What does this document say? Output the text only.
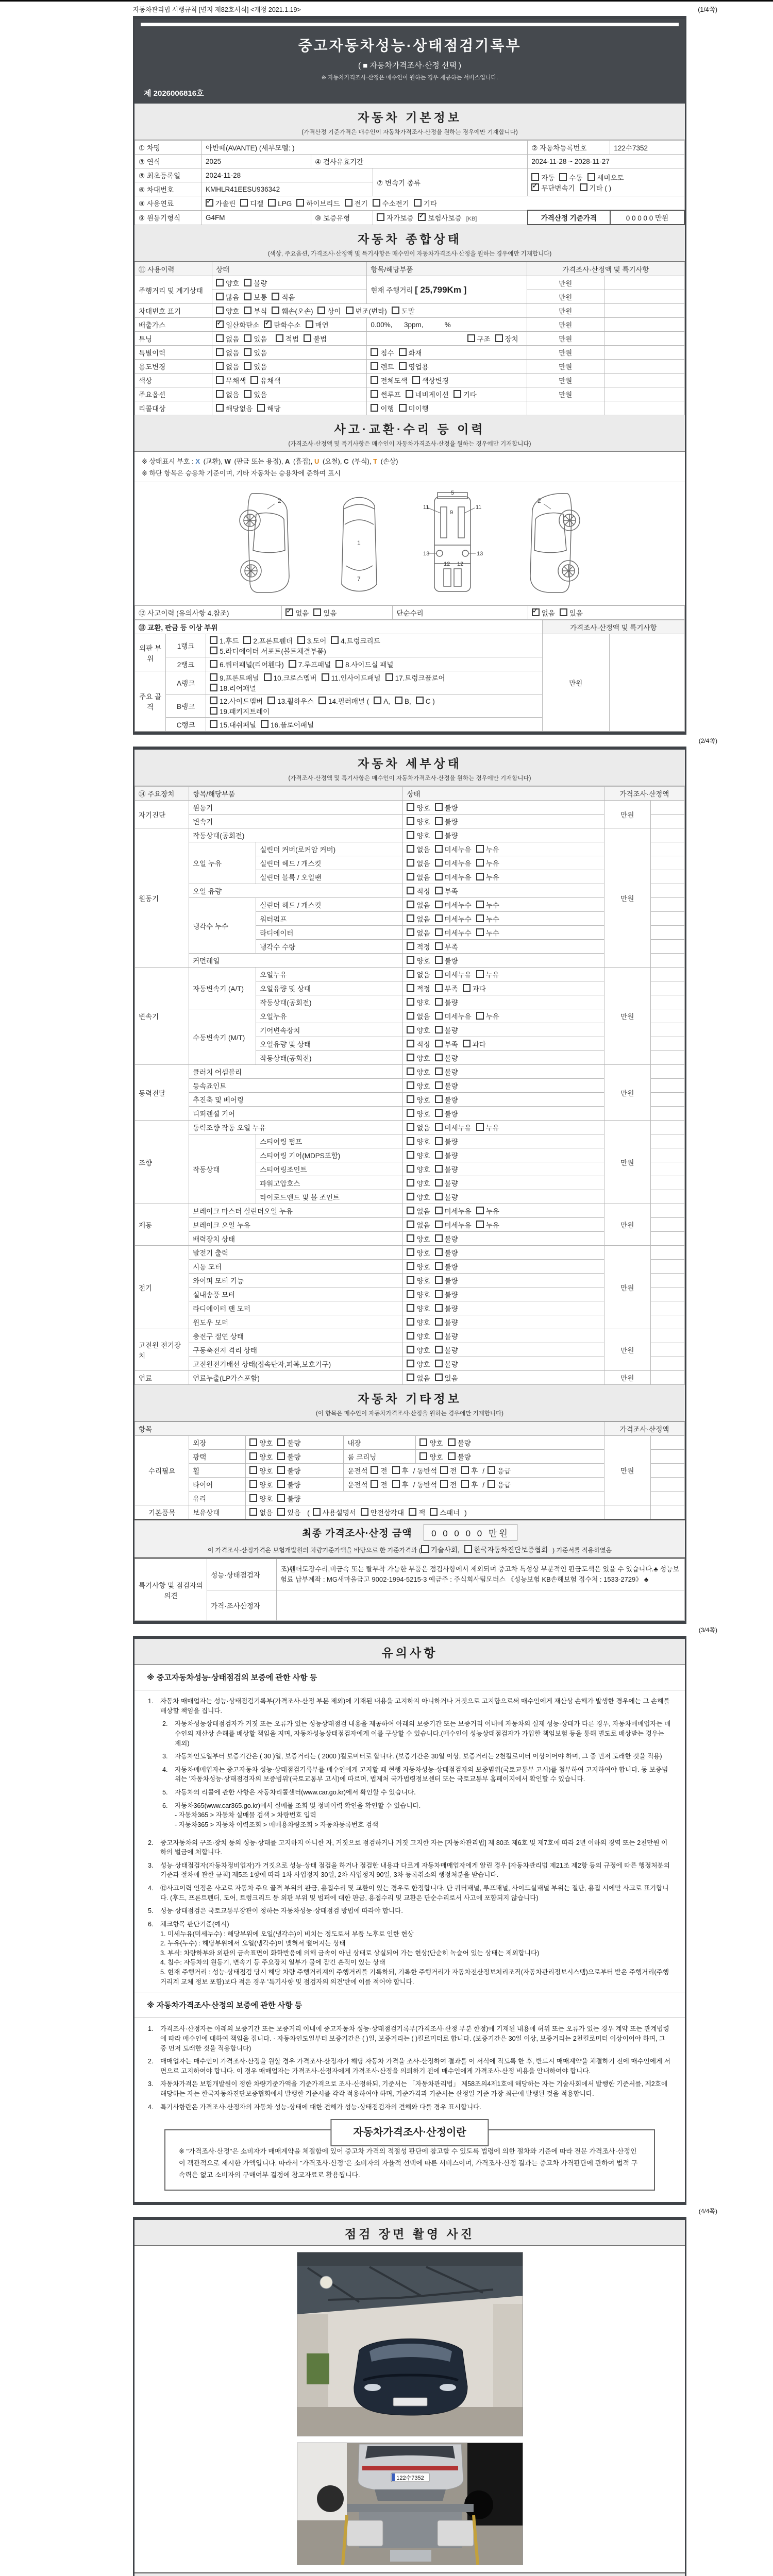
자동차관리법 시행규칙 [별지 제82호서식] <개정 2021.1.19>	(1/4쪽)
중고자동차성능·상태점검기록부
( ■ 자동차가격조사·산정 선택 )
※ 자동차가격조사·산정은 매수인이 원하는 경우 제공하는 서비스입니다.
제 2026006816호
자동차 기본정보
(가격산정 기준가격은 매수인이 자동차가격조사·산정을 원하는 경우에만 기재합니다)
① 차명	아반떼(AVANTE) (세부모델: )			② 자동차등록번호	122수7352
③ 연식	2025	④ 검사유효기간		2024-11-28 ~ 2028-11-27	
⑤ 최초등록일	2024-11-28		⑦ 변속기 종류	자동 수동 세미오토
✓무단변속기 기타 ( )
⑥ 차대번호	KMHLR41EESU936342				
⑧ 사용연료	✓가솔린 디젤 LPG 하이브리드 전기 수소전기 기타
⑨ 원동기형식	G4FM	⑩ 보증유형	자가보증 ✓ 보험사보증 [KB]	가격산정 기준가격	0 0 0 0 0 만원
자동차 종합상태
(색상, 주요옵션, 가격조사·산정액 및 특기사항은 매수인이 자동차가격조사·산정을 원하는 경우에만 기재합니다)
⑪ 사용이력	상태	항목/해당부품	가격조사·산정액 및 특기사항	
주행거리 및 계기상태	양호 불량	현재 주행거리 [ 25,799Km ]	만원	
	많음 보통 적음		만원	
차대번호 표기	양호 부식 훼손(오손) 상이 변조(변타) 도말		만원	
배출가스	✓일산화탄소 ✓ 탄화수소 매연	0.00%,      3ppm,           %	만원	
튜닝	없음 있음 적법 불법	구조 장치	만원	
특별이력	없음 있음	침수 화재	만원	
용도변경	없음 있음	렌트 영업용	만원	
색상	무채색 유채색	전체도색 색상변경	만원	
주요옵션	없음 있음	썬루프 네비게이션 기타	만원	
리콜대상	해당없음 해당	이행 미이행		
사고·교환·수리 등 이력
(가격조사·산정액 및 특기사항은 매수인이 자동차가격조사·산정을 원하는 경우에만 기재합니다)
※ 상태표시 부호 : X (교환), W (판금 또는 용접), A (흠집), U (요철), C (부식), T (손상)
※ 하단 항목은 승용차 기준이며, 기타 자동차는 승용차에 준하여 표시
2
1
7
5
9
11	11
12 12
13	13
2
⑫ 사고이력 (유의사항 4.참조)	✓없음 있음	단순수리	✓없음 있음
⑬ 교환, 판금 등 이상 부위			가격조사·산정액 및 특기사항	
외판 부위	1랭크	1.후드 2.프론트휀더 3.도어 4.트렁크리드
5.라디에이터 서포트(볼트체결부품)	만원	
	2랭크	6.쿼터패널(리어휀다) 7.루프패널 8.사이드실 패널		
주요 골격	A랭크	9.프론트패널 10.크로스멤버 11.인사이드패널 17.트렁크플로어
18.리어패널		
	B랭크	12.사이드멤버 13.휠하우스 14.필러패널 ( A, B, C )
19.패키지트레이		
	C랭크	15.대쉬패널 16.플로어패널		
(2/4쪽)
자동차 세부상태
(가격조사·산정액 및 특기사항은 매수인이 자동차가격조사·산정을 원하는 경우에만 기재합니다)
⑭ 주요장치	항목/해당부품		상태	가격조사·산정액	
자기진단	원동기		양호 불량	만원	
	변속기		양호 불량		
원동기	작동상태(공회전)		양호 불량	만원	
	오일 누유	실린더 커버(로커암 커버)	없음 미세누유 누유		
		실린더 헤드 / 개스킷	없음 미세누유 누유		
		실린더 블록 / 오일팬	없음 미세누유 누유		
	오일 유량		적정 부족		
	냉각수 누수	실린더 헤드 / 개스킷	없음 미세누수 누수		
		워터펌프	없음 미세누수 누수		
		라디에이터	없음 미세누수 누수		
		냉각수 수량	적정 부족		
	커먼레일		양호 불량		
변속기	자동변속기 (A/T)	오일누유	없음 미세누유 누유	만원	
		오일유량 및 상태	적정 부족 과다		
		작동상태(공회전)	양호 불량		
	수동변속기 (M/T)	오일누유	없음 미세누유 누유		
		기어변속장치	양호 불량		
		오일유량 및 상태	적정 부족 과다		
		작동상태(공회전)	양호 불량		
동력전달	클러치 어셈블리		양호 불량	만원	
	등속죠인트		양호 불량		
	추진축 및 베어링		양호 불량		
	디퍼렌셜 기어		양호 불량		
조향	동력조향 작동 오일 누유		없음 미세누유 누유	만원	
	작동상태	스티어링 펌프	양호 불량		
		스티어링 기어(MDPS포함)	양호 불량		
		스티어링조인트	양호 불량		
		파워고압호스	양호 불량		
		타이로드엔드 및 볼 조인트	양호 불량		
제동	브레이크 마스터 실린더오일 누유		없음 미세누유 누유	만원	
	브레이크 오일 누유		없음 미세누유 누유		
	배력장치 상태		양호 불량		
전기	발전기 출력		양호 불량	만원	
	시동 모터		양호 불량		
	와이퍼 모터 기능		양호 불량		
	실내송풍 모터		양호 불량		
	라디에이터 팬 모터		양호 불량		
	윈도우 모터		양호 불량		
고전원 전기장치	충전구 절연 상태		양호 불량	만원	
	구동축전지 격리 상태		양호 불량		
	고전원전기배선 상태(접속단자,피복,보호기구)		양호 불량		
연료	연료누출(LP가스포함)		없음 있음	만원	
자동차 기타정보
(이 항목은 매수인이 자동차가격조사·산정을 원하는 경우에만 기재합니다)
항목					가격조사·산정액	
수리필요	외장	양호 불량	내장	양호 불량	만원	
	광택	양호 불량	룸 크리닝	양호 불량		
	휠	양호 불량	운전석 전 후 / 동반석 전 후 / 응급			
	타이어	양호 불량	운전석 전 후 / 동반석 전 후 / 응급			
	유리	양호 불량				
기본품목	보유상태	없음 있음 ( 사용설명서 안전삼각대 잭 스패너 )				
최종 가격조사·산정 금액 0 0 0 0 0 만원
이 가격조사·산정가격은 보험개발원의 차량기준가액을 바탕으로 한 기준가격과 ( 기술사회, 한국자동차진단보증협회 ) 기준서를 적용하였음
특기사항 및 점검자의 의견	성능·상태점검자	조)휀더도장수리,비금속 또는 탈부착 가능한 부품은 점검사항에서 제외되며 중고차 특성상 부분적인 판금도색은 있을 수 있습니다.♣ 성능보험료 납부계좌 : MG새마을금고 9002-1994-5215-3 예금주 : 주식회사팀모터스 《성능보험 KB손해보험 접수처 : 1533-2729》 ♣
	가격·조사산정자	
(3/4쪽)
유의사항
※ 중고자동차성능·상태점검의 보증에 관한 사항 등
1.	자동차 매매업자는 성능·상태점검기록부(가격조사·산정 부분 제외)에 기재된 내용을 고지하지 아니하거나 거짓으로 고지함으로써 매수인에게 재산상 손해가 발생한 경우에는 그 손해를 배상할 책임을 집니다.
2.	자동차성능상태점검자가 거짓 또는 오류가 있는 성능상태점검 내용을 제공하여 아래의 보증기간 또는 보증거리 이내에 자동차의 실제 성능·상태가 다른 경우, 자동차매매업자는 매수인의 재산상 손해를 배상할 책임을 지며, 자동차성능상태점검자에게 이를 구상할 수 있습니다.(매수인이 성능상태점검자가 가입한 책임보험 등을 통해 별도로 배상받는 경우는 제외)
3.	자동차인도일부터 보증기간은 ( 30 )일, 보증거리는 ( 2000 )킬로미터로 합니다. (보증기간은 30일 이상, 보증거리는 2천킬로미터 이상이어야 하며, 그 중 먼저 도래한 것을 적용)
4.	자동차매매업자는 중고자동차 성능·상태점검기록부를 매수인에게 고지할 때 현행 자동차성능·상태점검자의 보증범위(국토교통부 고시)를 첨부하여 고지하여야 합니다. 동 보증범위는 '자동차성능·상태점검자의 보증범위'(국토교통부 고시)에 따르며, 법제처 국가법령정보센터 또는 국토교통부 홈페이지에서 확인할 수 있습니다.
5.	자동차의 리콜에 관한 사항은 자동차리콜센터(www.car.go.kr)에서 확인할 수 있습니다.
6.	자동차365(www.car365.go.kr)에서 실매물 조회 및 정비이력 확인을 확인할 수 있습니다.
- 자동차365 > 자동차 실매물 검색 > 차량번호 입력
- 자동차365 > 자동차 이력조회 > 매매용차량조회 > 자동차등록번호 검색
2.	중고자동차의 구조·장치 등의 성능·상태를 고지하지 아니한 자, 거짓으로 점검하거나 거짓 고지한 자는 [자동차관리법] 제 80조 제6호 및 제7호에 따라 2년 이하의 징역 또는 2천만원 이하의 벌금에 처합니다.
3.	성능·상태점검자(자동차정비업자)가 거짓으로 성능·상태 점검을 하거나 점검한 내용과 다르게 자동차매매업자에게 알린 경우 [자동차관리법 제21조 제2항 등의 규정에 따른 행정처분의 기준과 절차에 관한 규칙] 제5조 1항에 따라 1차 사업정지 30일, 2차 사업정지 90일, 3차 등록취소의 행정처분을 받습니다.
4.	⑫사고이력 인정은 사고로 자동차 주요 골격 부위의 판금, 용접수리 및 교환이 있는 경우로 한정합니다. 단 쿼터패널, 루프패널, 사이드실패널 부위는 절단, 용접 시에만 사고로 표기합니다. (후드, 프론트펜더, 도어, 트렁크리드 등 외판 부위 및 범퍼에 대한 판금, 용접수리 및 교환은 단순수리로서 사고에 포함되지 않습니다)
5.	성능·상태점검은 국토교통부장관이 정하는 자동차성능·상태점검 방법에 따라야 합니다.
6.	체크항목 판단기준(예시)
1. 미세누유(미세누수) : 해당부위에 오일(냉각수)이 비치는 정도로서 부품 노후로 인한 현상
2. 누유(누수) : 해당부위에서 오일(냉각수)이 맺혀서 떨어지는 상태
3. 부식: 차량하부와 외판의 금속표면이 화학반응에 의해 금속이 아닌 상태로 상실되어 가는 현상(단순히 녹슬어 있는 상태는 제외합니다)
4. 침수: 자동차의 원동기, 변속기 등 주요장치 일부가 물에 잠긴 흔적이 있는 상태
5. 현재 주행거리 : 성능·상태점검 당시 해당 차량 주행거리계의 주행거리를 기록하되, 기록한 주행거리가 자동차전산정보처리조직(자동차관리정보시스템)으로부터 받은 주행거리(주행거리계 교체 정보 포함)보다 적은 경우 '특기사항 및 점검자의 의견'란에 이를 적어야 합니다.
※ 자동차가격조사·산정의 보증에 관한 사항 등
1.	가격조사·산정자는 아래의 보증기간 또는 보증거리 이내에 중고자동차 성능·상태점검기록부(가격조사·산정 부분 한정)에 기재된 내용에 허위 또는 오류가 있는 경우 계약 또는 관계법령에 따라 매수인에 대하여 책임을 집니다. · 자동차인도일부터 보증기간은 ( )일, 보증거리는 ( )킬로미터로 합니다. (보증기간은 30일 이상, 보증거리는 2천킬로미터 이상이어야 하며, 그 중 먼저 도래한 것을 적용합니다)
2.	매매업자는 매수인이 가격조사·산정을 원할 경우 가격조사·산정자가 해당 자동차 가격을 조사·산정하여 결과를 이 서식에 적도록 한 후, 반드시 매매계약을 체결하기 전에 매수인에게 서면으로 고지하여야 합니다. 이 경우 매매업자는 가격조사·산정자에게 가격조사·산정을 의뢰하기 전에 매수인에게 가격조사·산정 비용을 안내하여야 합니다.
3.	자동차가격은 보험개발원이 정한 차량기준가액을 기준가격으로 조사·산정하되, 기준서는 「자동차관리법」 제58조의4제1호에 해당하는 자는 기술사회에서 발행한 기준서를, 제2호에 해당하는 자는 한국자동차진단보증협회에서 발행한 기준서를 각각 적용하여야 하며, 기준가격과 기준서는 산정일 기준 가장 최근에 발행된 것을 적용합니다.
4.	특기사항란은 가격조사·산정자의 자동차 성능·상태에 대한 견해가 성능·상태점검자의 견해와 다를 경우 표시합니다.
자동차가격조사·산정이란
※ "가격조사·산정"은 소비자가 매매계약을 체결함에 있어 중고차 가격의 적절성 판단에 참고할 수 있도록 법령에 의한 절차와 기준에 따라 전문 가격조사·산정인이 객관적으로 제시한 가액입니다. 따라서 "가격조사·산정"은 소비자의 자율적 선택에 따른 서비스이며, 가격조사·산정 결과는 중고차 가격판단에 관하여 법적 구속력은 없고 소비자의 구매여부 결정에 참고자료로 활용됩니다.
(4/4쪽)
점검 장면 촬영 사진
122수7352
